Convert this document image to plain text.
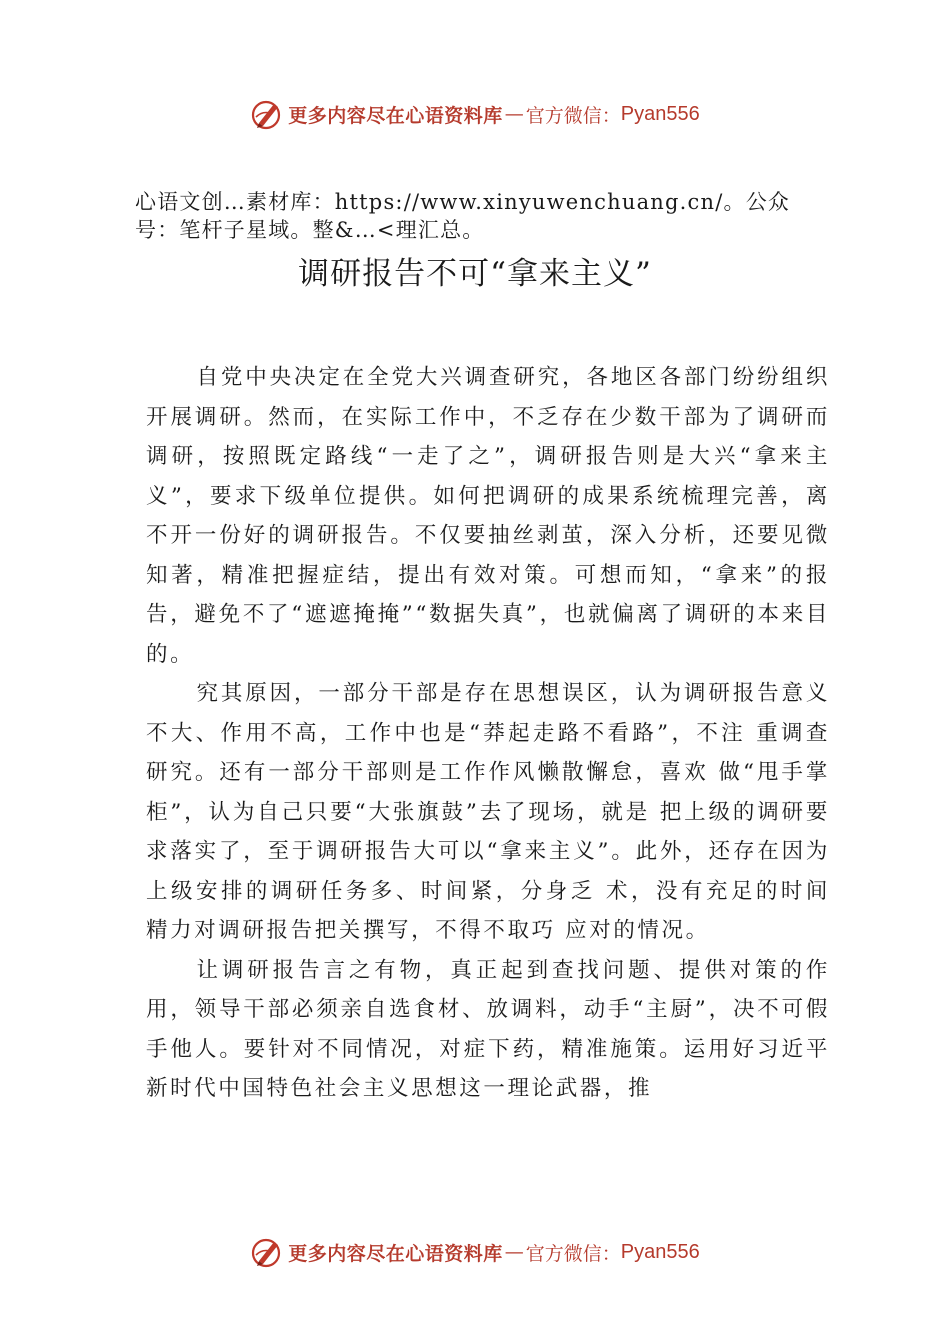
更多内容尽在心语资料库 — 官方微信： Pyan556
心语文创…素材库：https://www.xinyuwenchuang.cn/。公众号：笔杆子星域。整&…<理汇总。
调研报告不可“拿来主义”

自党中央决定在全党大兴调查研究，各地区各部门纷纷组织开展调研。然而，在实际工作中，不乏存在少数干部为了调研而调研，按照既定路线“一走了之”，调研报告则是大兴“拿来主义”，要求下级单位提供。如何把调研的成果系统梳理完善，离不开一份好的调研报告。不仅要抽丝剥茧，深入分析，还要见微知著，精准把握症结，提出有效对策。可想而知，“拿来”的报告，避免不了“遮遮掩掩”“数据失真”，也就偏离了调研的本来目的。

究其原因，一部分干部是存在思想误区，认为调研报告意义不大、作用不高，工作中也是“莽起走路不看路”，不注 重调查研究。还有一部分干部则是工作作风懒散懈怠，喜欢 做“甩手掌柜”，认为自己只要“大张旗鼓”去了现场，就是 把上级的调研要求落实了，至于调研报告大可以“拿来主义”。此外，还存在因为上级安排的调研任务多、时间紧，分身乏 术，没有充足的时间精力对调研报告把关撰写，不得不取巧 应对的情况。

让调研报告言之有物，真正起到查找问题、提供对策的作用，领导干部必须亲自选食材、放调料，动手“主厨”，决不可假手他人。要针对不同情况，对症下药，精准施策。运用好习近平新时代中国特色社会主义思想这一理论武器，推

更多内容尽在心语资料库 — 官方微信： Pyan556
